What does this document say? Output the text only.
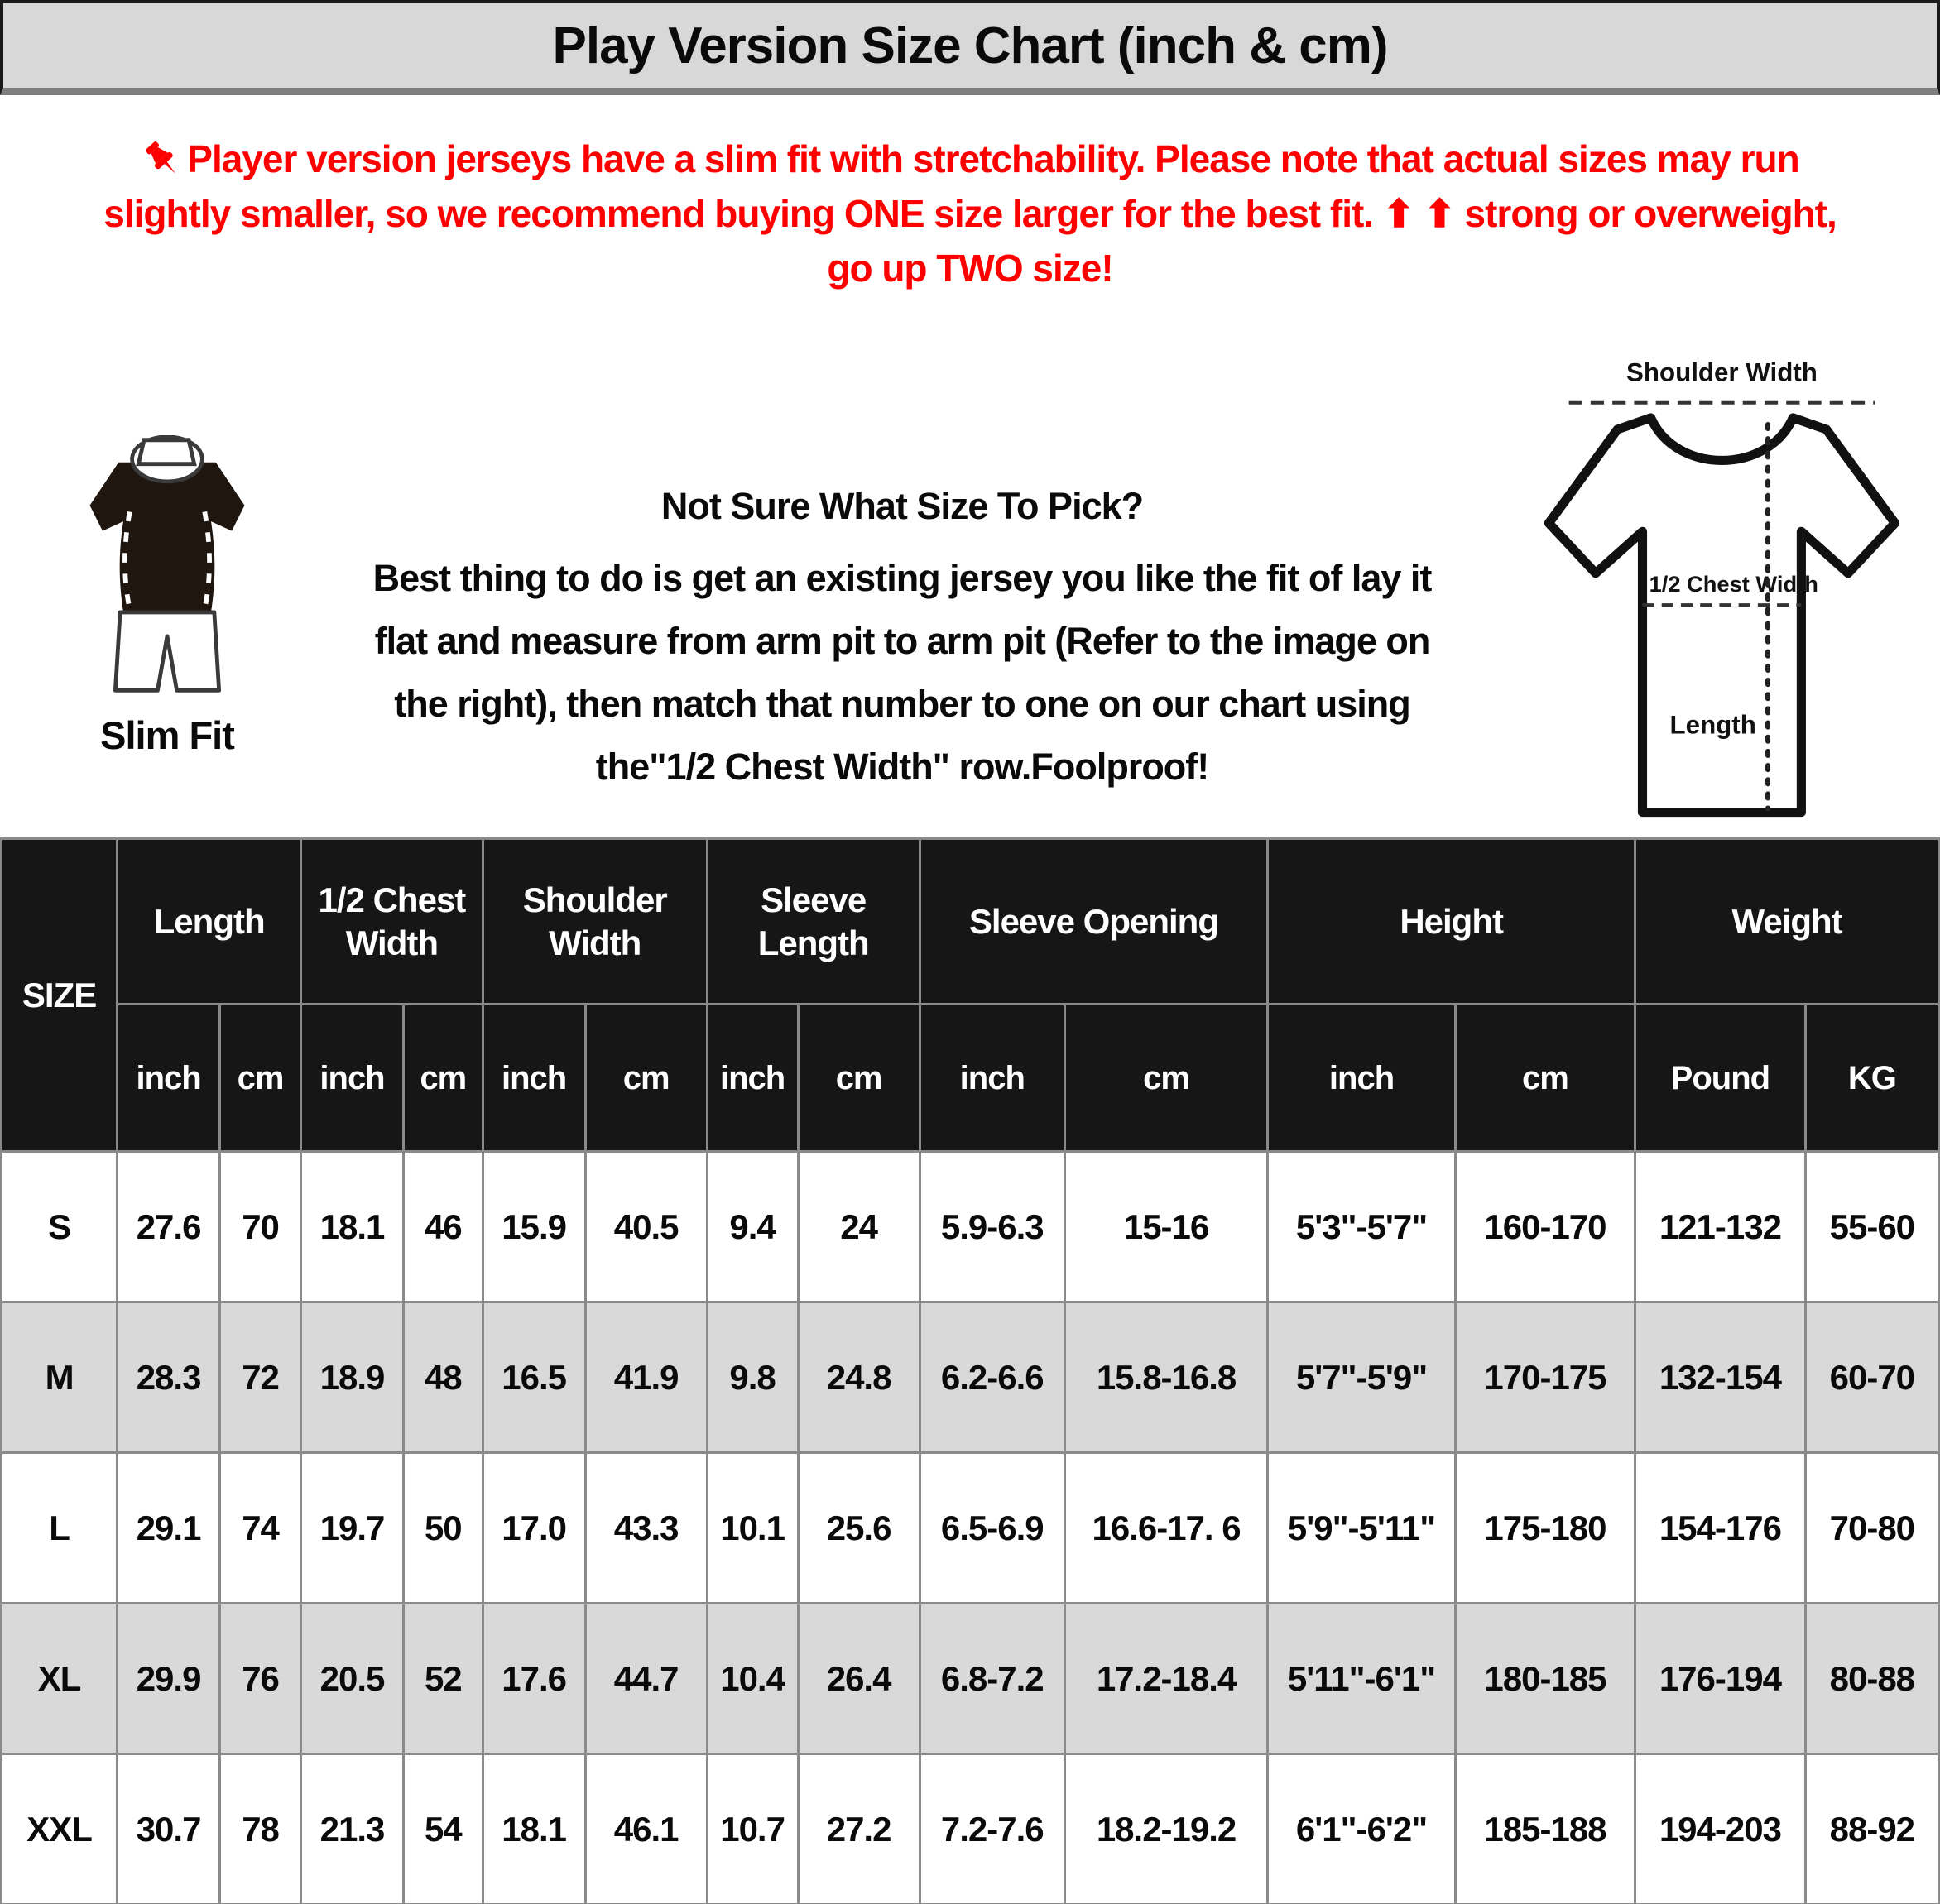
Play Version Size Chart (inch & cm)
Player version jerseys have a slim fit with stretchability. Please note that actual sizes may run
slightly smaller, so we recommend buying ONE size larger for the best fit. ⬆ ⬆ strong or overweight,
go up TWO size!
Slim Fit
Not Sure What Size To Pick?
Best thing to do is get an existing jersey you like the fit of lay it
flat and measure from arm pit to arm pit (Refer to the image on
the right), then match that number to one on our chart using
the"1/2 Chest Width" row.Foolproof!
Shoulder Width
1/2 Chest Width
Length
SIZE	Length		1/2 Chest Width		Shoulder Width		Sleeve Length		Sleeve Opening		Height		Weight	
	inch	cm	inch	cm	inch	cm	inch	cm	inch	cm	inch	cm	Pound	KG
S	27.6	70	18.1	46	15.9	40.5	9.4	24	5.9-6.3	15-16	5'3"-5'7"	160-170	121-132	55-60
M	28.3	72	18.9	48	16.5	41.9	9.8	24.8	6.2-6.6	15.8-16.8	5'7"-5'9"	170-175	132-154	60-70
L	29.1	74	19.7	50	17.0	43.3	10.1	25.6	6.5-6.9	16.6-17. 6	5'9"-5'11"	175-180	154-176	70-80
XL	29.9	76	20.5	52	17.6	44.7	10.4	26.4	6.8-7.2	17.2-18.4	5'11"-6'1"	180-185	176-194	80-88
XXL	30.7	78	21.3	54	18.1	46.1	10.7	27.2	7.2-7.6	18.2-19.2	6'1"-6'2"	185-188	194-203	88-92
